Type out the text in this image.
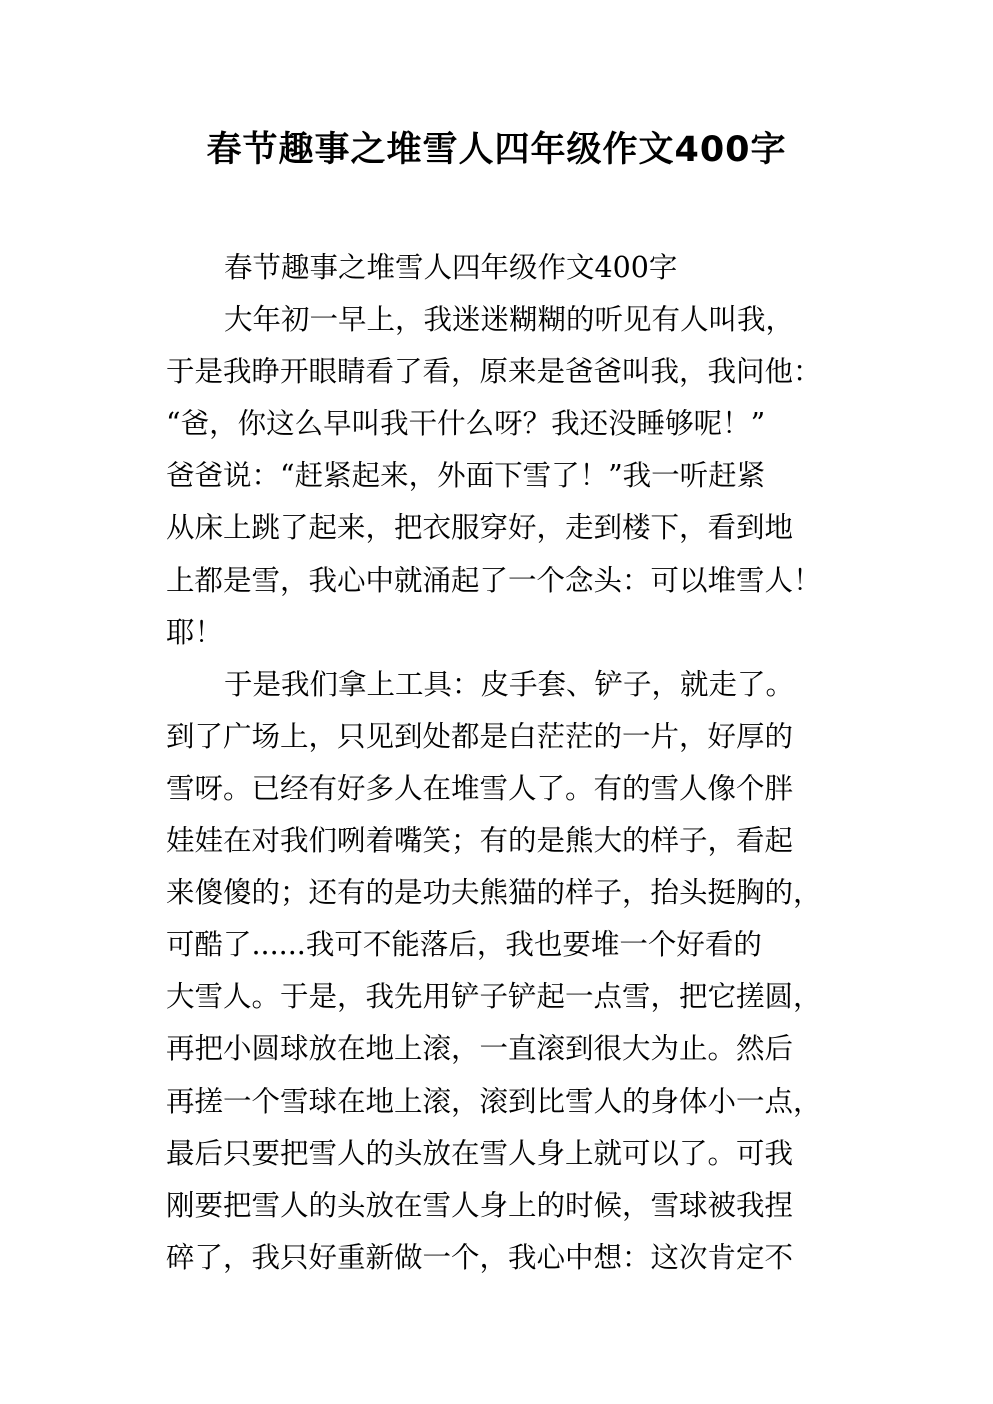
春节趣事之堆雪人四年级作文400字
春节趣事之堆雪人四年级作文400字
大年初一早上，我迷迷糊糊的听见有人叫我，
于是我睁开眼睛看了看，原来是爸爸叫我，我问他：
“爸，你这么早叫我干什么呀？我还没睡够呢！”
爸爸说：“赶紧起来，外面下雪了！”我一听赶紧
从床上跳了起来，把衣服穿好，走到楼下，看到地
上都是雪，我心中就涌起了一个念头：可以堆雪人！
耶！
于是我们拿上工具：皮手套、铲子，就走了。
到了广场上，只见到处都是白茫茫的一片，好厚的
雪呀。已经有好多人在堆雪人了。有的雪人像个胖
娃娃在对我们咧着嘴笑；有的是熊大的样子，看起
来傻傻的；还有的是功夫熊猫的样子，抬头挺胸的，
可酷了......我可不能落后，我也要堆一个好看的
大雪人。于是，我先用铲子铲起一点雪，把它搓圆，
再把小圆球放在地上滚，一直滚到很大为止。然后
再搓一个雪球在地上滚，滚到比雪人的身体小一点，
最后只要把雪人的头放在雪人身上就可以了。可我
刚要把雪人的头放在雪人身上的时候，雪球被我捏
碎了，我只好重新做一个，我心中想：这次肯定不
